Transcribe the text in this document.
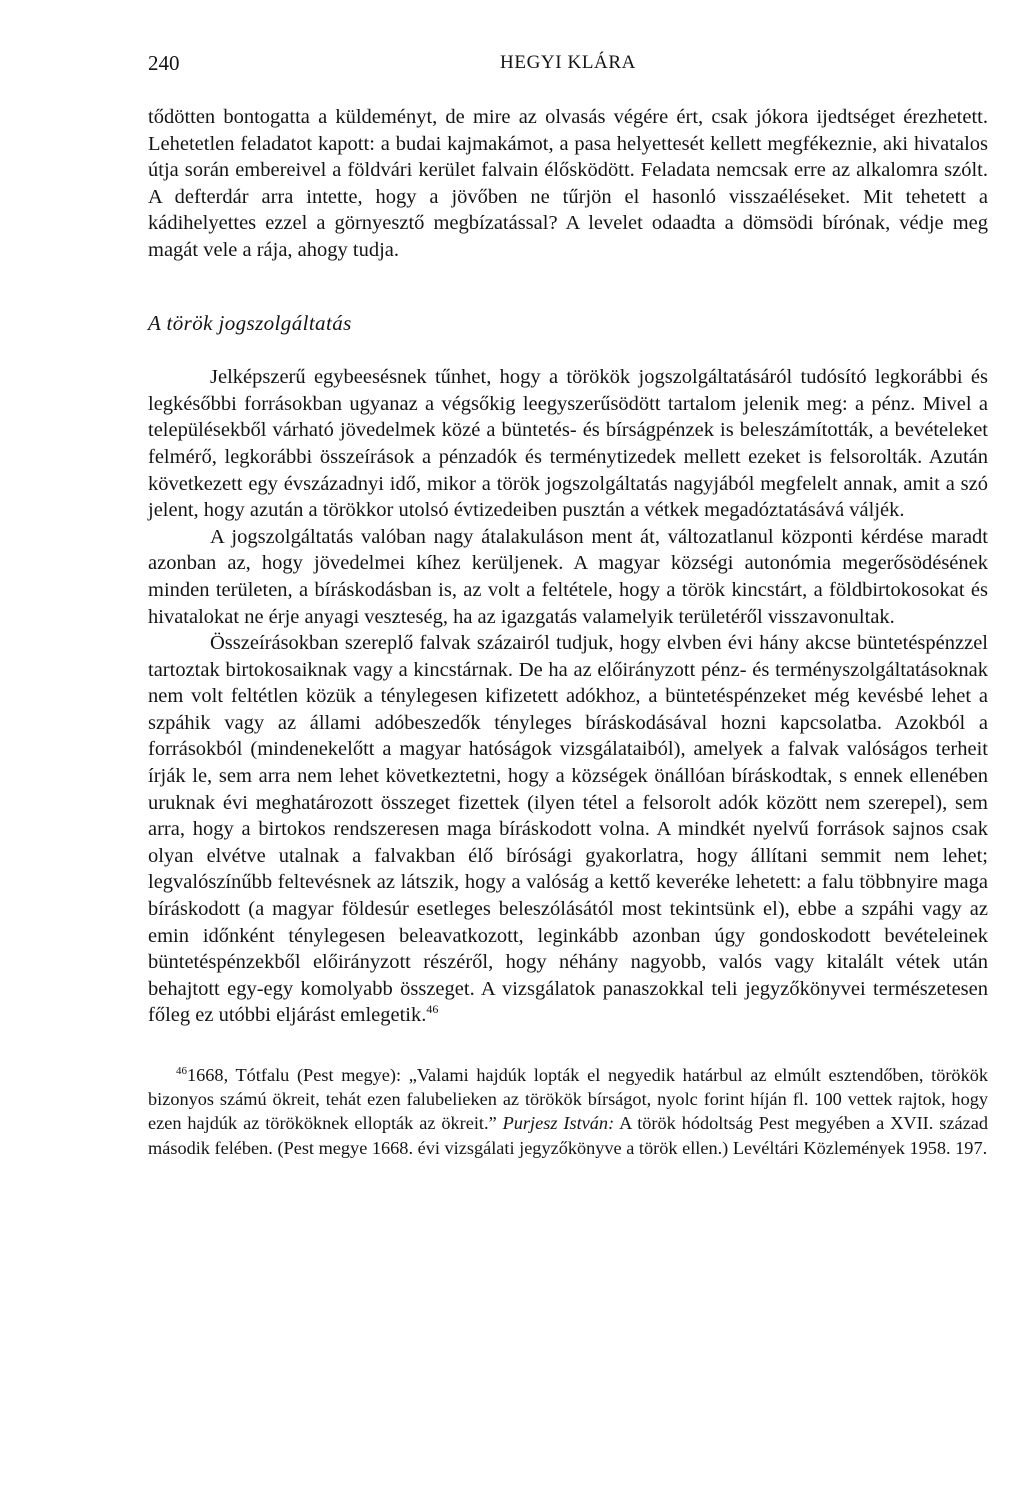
240	HEGYI KLÁRA

tődötten bontogatta a küldeményt, de mire az olvasás végére ért, csak jókora ijedtséget érezhetett. Lehetetlen feladatot kapott: a budai kajmakámot, a pasa helyettesét kellett megfékeznie, aki hivatalos útja során embereivel a földvári kerület falvain élősködött. Feladata nemcsak erre az alkalomra szólt. A defterdár arra intette, hogy a jövőben ne tűrjön el hasonló visszaéléseket. Mit tehetett a kádihelyettes ezzel a görnyesztő megbízatással? A levelet odaadta a dömsödi bírónak, védje meg magát vele a rája, ahogy tudja.

A török jogszolgáltatás

Jelképszerű egybeesésnek tűnhet, hogy a törökök jogszolgáltatásáról tudósító legkorábbi és legkésőbbi forrásokban ugyanaz a végsőkig leegyszerűsödött tartalom jelenik meg: a pénz. Mivel a településekből várható jövedelmek közé a büntetés- és bírságpénzek is beleszámították, a bevételeket felmérő, legkorábbi összeírások a pénzadók és terménytizedek mellett ezeket is felsorolták. Azután következett egy évszázadnyi idő, mikor a török jogszolgáltatás nagyjából megfelelt annak, amit a szó jelent, hogy azután a törökkor utolsó évtizedeiben pusztán a vétkek megadóztatásává váljék.

A jogszolgáltatás valóban nagy átalakuláson ment át, változatlanul központi kérdése maradt azonban az, hogy jövedelmei kíhez kerüljenek. A magyar községi autonómia megerősödésének minden területen, a bíráskodásban is, az volt a feltétele, hogy a török kincstárt, a földbirtokosokat és hivatalokat ne érje anyagi veszteség, ha az igazgatás valamelyik területéről visszavonultak.

Összeírásokban szereplő falvak százairól tudjuk, hogy elvben évi hány akcse büntetéspénzzel tartoztak birtokosaiknak vagy a kincstárnak. De ha az előirányzott pénz- és terményszolgáltatásoknak nem volt feltétlen közük a ténylegesen kifizetett adókhoz, a büntetéspénzeket még kevésbé lehet a szpáhik vagy az állami adóbeszedők tényleges bíráskodásával hozni kapcsolatba. Azokból a forrásokból (mindenekelőtt a magyar hatóságok vizsgálataiból), amelyek a falvak valóságos terheit írják le, sem arra nem lehet következtetni, hogy a községek önállóan bíráskodtak, s ennek ellenében uruknak évi meghatározott összeget fizettek (ilyen tétel a felsorolt adók között nem szerepel), sem arra, hogy a birtokos rendszeresen maga bíráskodott volna. A mindkét nyelvű források sajnos csak olyan elvétve utalnak a falvakban élő bírósági gyakorlatra, hogy állítani semmit nem lehet; legvalószínűbb feltevésnek az látszik, hogy a valóság a kettő keveréke lehetett: a falu többnyire maga bíráskodott (a magyar földesúr esetleges beleszólásától most tekintsünk el), ebbe a szpáhi vagy az emin időnként ténylegesen beleavatkozott, leginkább azonban úgy gondoskodott bevételeinek büntetéspénzekből előirányzott részéről, hogy néhány nagyobb, valós vagy kitalált vétek után behajtott egy-egy komolyabb összeget. A vizsgálatok panaszokkal teli jegyzőkönyvei természetesen főleg ez utóbbi eljárást emlegetik.$^{46}$

$^{46}$1668, Tótfalu (Pest megye): „Valami hajdúk lopták el negyedik határbul az elmúlt esztendőben, törökök bizonyos számú ökreit, tehát ezen falubelieken az törökök bírságot, nyolc forint híján fl. 100 vettek rajtok, hogy ezen hajdúk az törököknek ellopták az ökreit.” Purjesz István: A török hódoltság Pest megyében a XVII. század második felében. (Pest megye 1668. évi vizsgálati jegyzőkönyve a török ellen.) Levéltári Közlemények 1958. 197.
